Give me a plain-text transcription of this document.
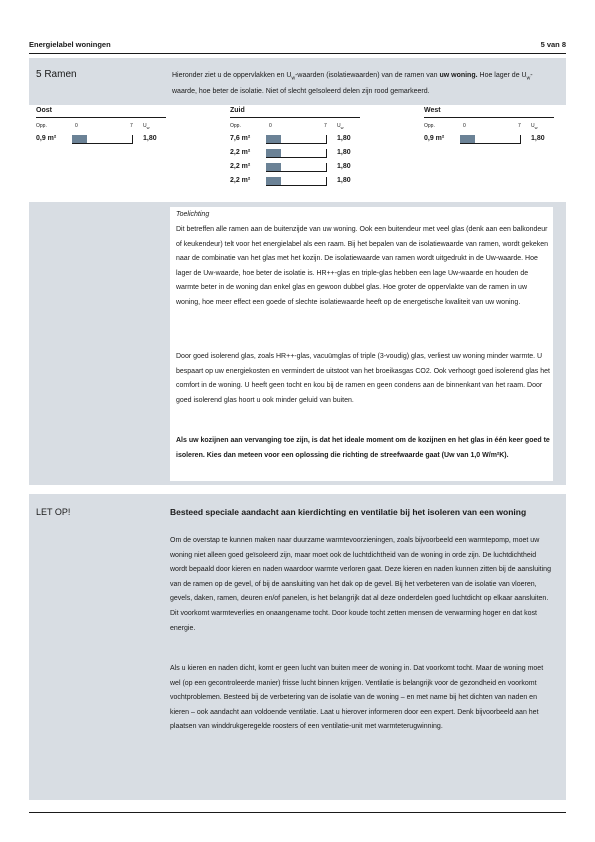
Energielabel woningen	5 van 8
5 Ramen	Hieronder ziet u de oppervlakken en $U_w$-waarden (isolatiewaarden) van de ramen van uw woning. Hoe lager de $U_w$-waarde, hoe beter de isolatie. Niet of slecht geïsoleerd delen zijn rood gemarkeerd.
Oost
Opp.	0	7 $U_w$
0,9 m²	1,80
Zuid
Opp.	0	7 $U_w$
7,6 m²	1,80
2,2 m²	1,80
2,2 m²	1,80
2,2 m²	1,80
West
Opp.	0	7 $U_w$
0,9 m²	1,80
Toelichting

Dit betreffen alle ramen aan de buitenzijde van uw woning. Ook een buitendeur met veel glas (denk aan een balkondeur of keukendeur) telt voor het energielabel als een raam. Bij het bepalen van de isolatiewaarde van ramen, wordt gekeken naar de combinatie van het glas met het kozijn. De isolatiewaarde van ramen wordt uitgedrukt in de Uw-waarde. Hoe lager de Uw-waarde, hoe beter de isolatie is. HR++-glas en triple-glas hebben een lage Uw-waarde en houden de warmte beter in de woning dan enkel glas en gewoon dubbel glas. Hoe groter de oppervlakte van de ramen in uw woning, hoe meer effect een goede of slechte isolatiewaarde heeft op de energetische kwaliteit van uw woning.

Door goed isolerend glas, zoals HR++-glas, vacuümglas of triple (3-voudig) glas, verliest uw woning minder warmte. U bespaart op uw energiekosten en vermindert de uitstoot van het broeikasgas CO2. Ook verhoogt goed isolerend glas het comfort in de woning. U heeft geen tocht en kou bij de ramen en geen condens aan de binnenkant van het raam. Door goed isolerend glas hoort u ook minder geluid van buiten.

Als uw kozijnen aan vervanging toe zijn, is dat het ideale moment om de kozijnen en het glas in één keer goed te isoleren. Kies dan meteen voor een oplossing die richting de streefwaarde gaat (Uw van 1,0 W/m²K).

LET OP!	Besteed speciale aandacht aan kierdichting en ventilatie bij het isoleren van een woning

Om de overstap te kunnen maken naar duurzame warmtevoorzieningen, zoals bijvoorbeeld een warmtepomp, moet uw woning niet alleen goed geïsoleerd zijn, maar moet ook de luchtdichtheid van de woning in orde zijn. De luchtdichtheid wordt bepaald door kieren en naden waardoor warmte verloren gaat. Deze kieren en naden kunnen zitten bij de aansluiting van de ramen op de gevel, of bij de aansluiting van het dak op de gevel. Bij het verbeteren van de isolatie van vloeren, gevels, daken, ramen, deuren en/of panelen, is het belangrijk dat al deze onderdelen goed luchtdicht op elkaar aansluiten. Dit voorkomt warmteverlies en onaangename tocht. Door koude tocht zetten mensen de verwarming hoger en dat kost energie.

Als u kieren en naden dicht, komt er geen lucht van buiten meer de woning in. Dat voorkomt tocht. Maar de woning moet wel (op een gecontroleerde manier) frisse lucht binnen krijgen. Ventilatie is belangrijk voor de gezondheid en voorkomt vochtproblemen. Besteed bij de verbetering van de isolatie van de woning – en met name bij het dichten van naden en kieren – ook aandacht aan voldoende ventilatie. Laat u hierover informeren door een expert. Denk bijvoorbeeld aan het plaatsen van winddrukgeregelde roosters of een ventilatie-unit met warmteterugwinning.
